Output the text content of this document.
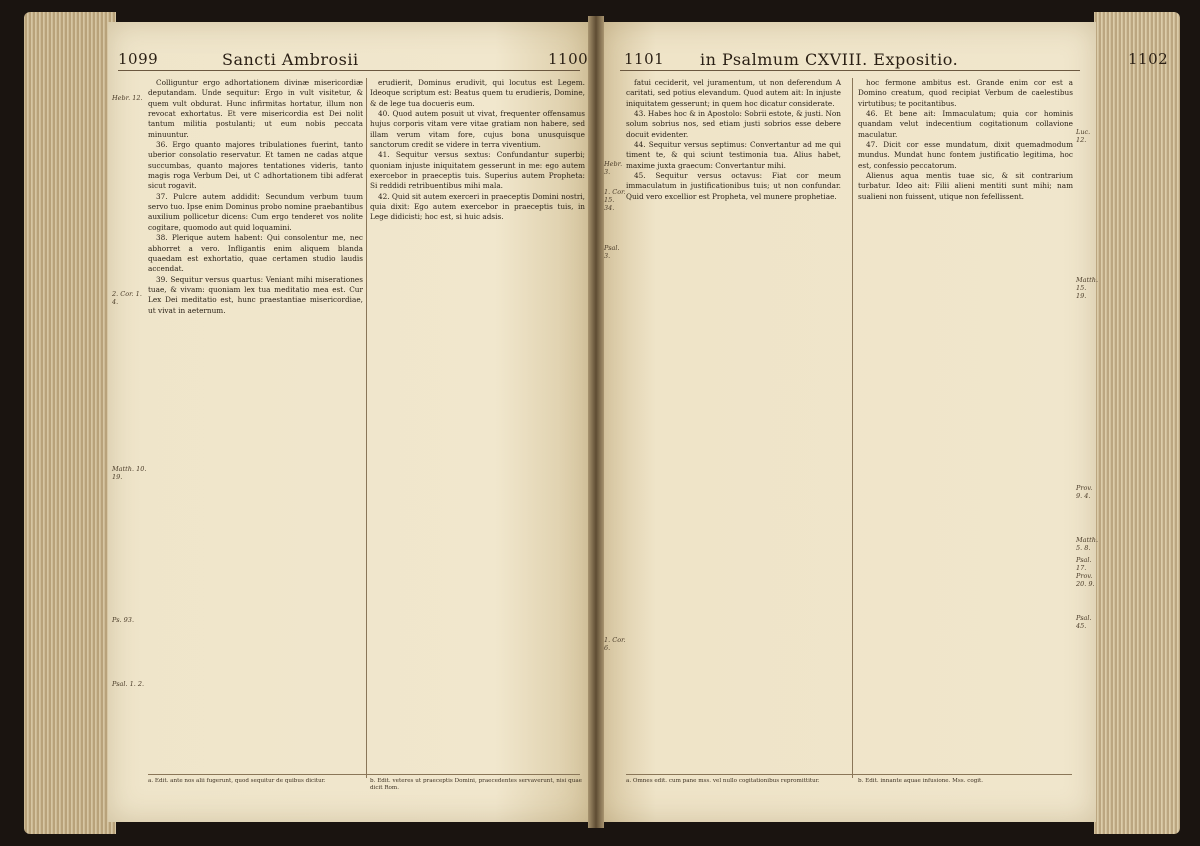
1099	Sancti Ambrosii	1100 1101 in Psalmum CXVIII. Expositio.	1102

Colliguntur ergo adhortationem divinæ misericordiæ deputandam. Unde sequitur: Ergo in vult visitetur, & quem vult obdurat. Hunc infirmitas hortatur, illum non revocat exhortatus. Et vere misericordia est Dei nolit tantum militia postulanti; ut eum nobis peccata minuuntur.

36. Ergo quanto majores tribulationes fuerint, tanto uberior consolatio reservatur. Et tamen ne cadas atque succumbas, quanto majores tentationes videris, tanto magis roga Verbum Dei, ut C adhortationem tibi adferat sicut rogavit.

37. Pulcre autem addidit: Secundum verbum tuum servo tuo. Ipse enim Dominus probo nomine praebantibus auxilium pollicetur dicens: Cum ergo tenderet vos nolite cogitare, quomodo aut quid loquamini.

38. Plerique autem habent: Qui consolentur me, nec abhorret a vero. Infligantis enim aliquem blanda quaedam est exhortatio, quae certamen studio laudis accendat.

39. Sequitur versus quartus: Veniant mihi miserationes tuae, & vivam: quoniam lex tua meditatio mea est. Cur Lex Dei meditatio est, hunc praestantiae misericordiae, ut vivat in aeternum.

erudierit, Dominus erudivit, qui locutus est Legem. Ideoque scriptum est: Beatus quem tu erudieris, Domine, & de lege tua docueris eum.

40. Quod autem posuit ut vivat, frequenter offensamus hujus corporis vitam vere vitae gratiam non habere, sed illam verum vitam fore, cujus bona unusquisque sanctorum credit se videre in terra viventium.

41. Sequitur versus sextus: Confundantur superbi; quoniam injuste iniquitatem gesserunt in me: ego autem exercebor in praeceptis tuis. Superius autem Propheta: Si reddidi retribuentibus mihi mala.

42. Quid sit autem exerceri in praeceptis Domini nostri, quia dixit: Ego autem exercebor in praeceptis tuis, in Lege didicisti; hoc est, si huic adsis.

Hebr. 12.
2. Cor. 1. 4.
Matth. 10. 19.
Ps. 93.
Psal. 1. 2.
a. Edit. ante nos alii fugerunt, quod sequitur de quibus dicitur.	b. Edit. veteres ut praeceptis Domini, praecedentes servaverunt, nisi quae dicit Rom.

fatui ceciderit, vel juramentum, ut non deferendum A caritati, sed potius elevandum. Quod autem ait: In injuste iniquitatem gesserunt; in quem hoc dicatur considerate.

43. Habes hoc & in Apostolo: Sobrii estote, & justi. Non solum sobrius nos, sed etiam justi sobrios esse debere docuit evidenter.

44. Sequitur versus septimus: Convertantur ad me qui timent te, & qui sciunt testimonia tua. Alius habet, maxime juxta graecum: Convertantur mihi.

45. Sequitur versus octavus: Fiat cor meum immaculatum in justificationibus tuis; ut non confundar. Quid vero excellior est Propheta, vel munere prophetiae.

hoc fermone ambitus est. Grande enim cor est a Domino creatum, quod recipiat Verbum de caelestibus virtutibus; te pocitantibus.

46. Et bene ait: Immaculatum; quia cor hominis quandam velut indecentium cogitationum collavione maculatur.

47. Dicit cor esse mundatum, dixit quemadmodum mundus. Mundat hunc fontem justificatio legitima, hoc est, confessio peccatorum.

Alienus aqua mentis tuae sic, & sit contrarium turbatur. Ideo ait: Filii alieni mentiti sunt mihi; nam sualieni non fuissent, utique non fefellissent.

Hebr. 3.
1. Cor. 15. 34.
Psal. 3.
1. Cor. 6.
Luc. 12.
Matth. 15. 19.
Prov. 9. 4.
Matth. 5. 8.
Psal. 17.
Prov. 20. 9.
Psal. 45.
a. Omnes edit. cum pane mss. vel nullo cogitationibus repromittitur.	b. Edit. innante aquae infusione. Mss. cogit.
